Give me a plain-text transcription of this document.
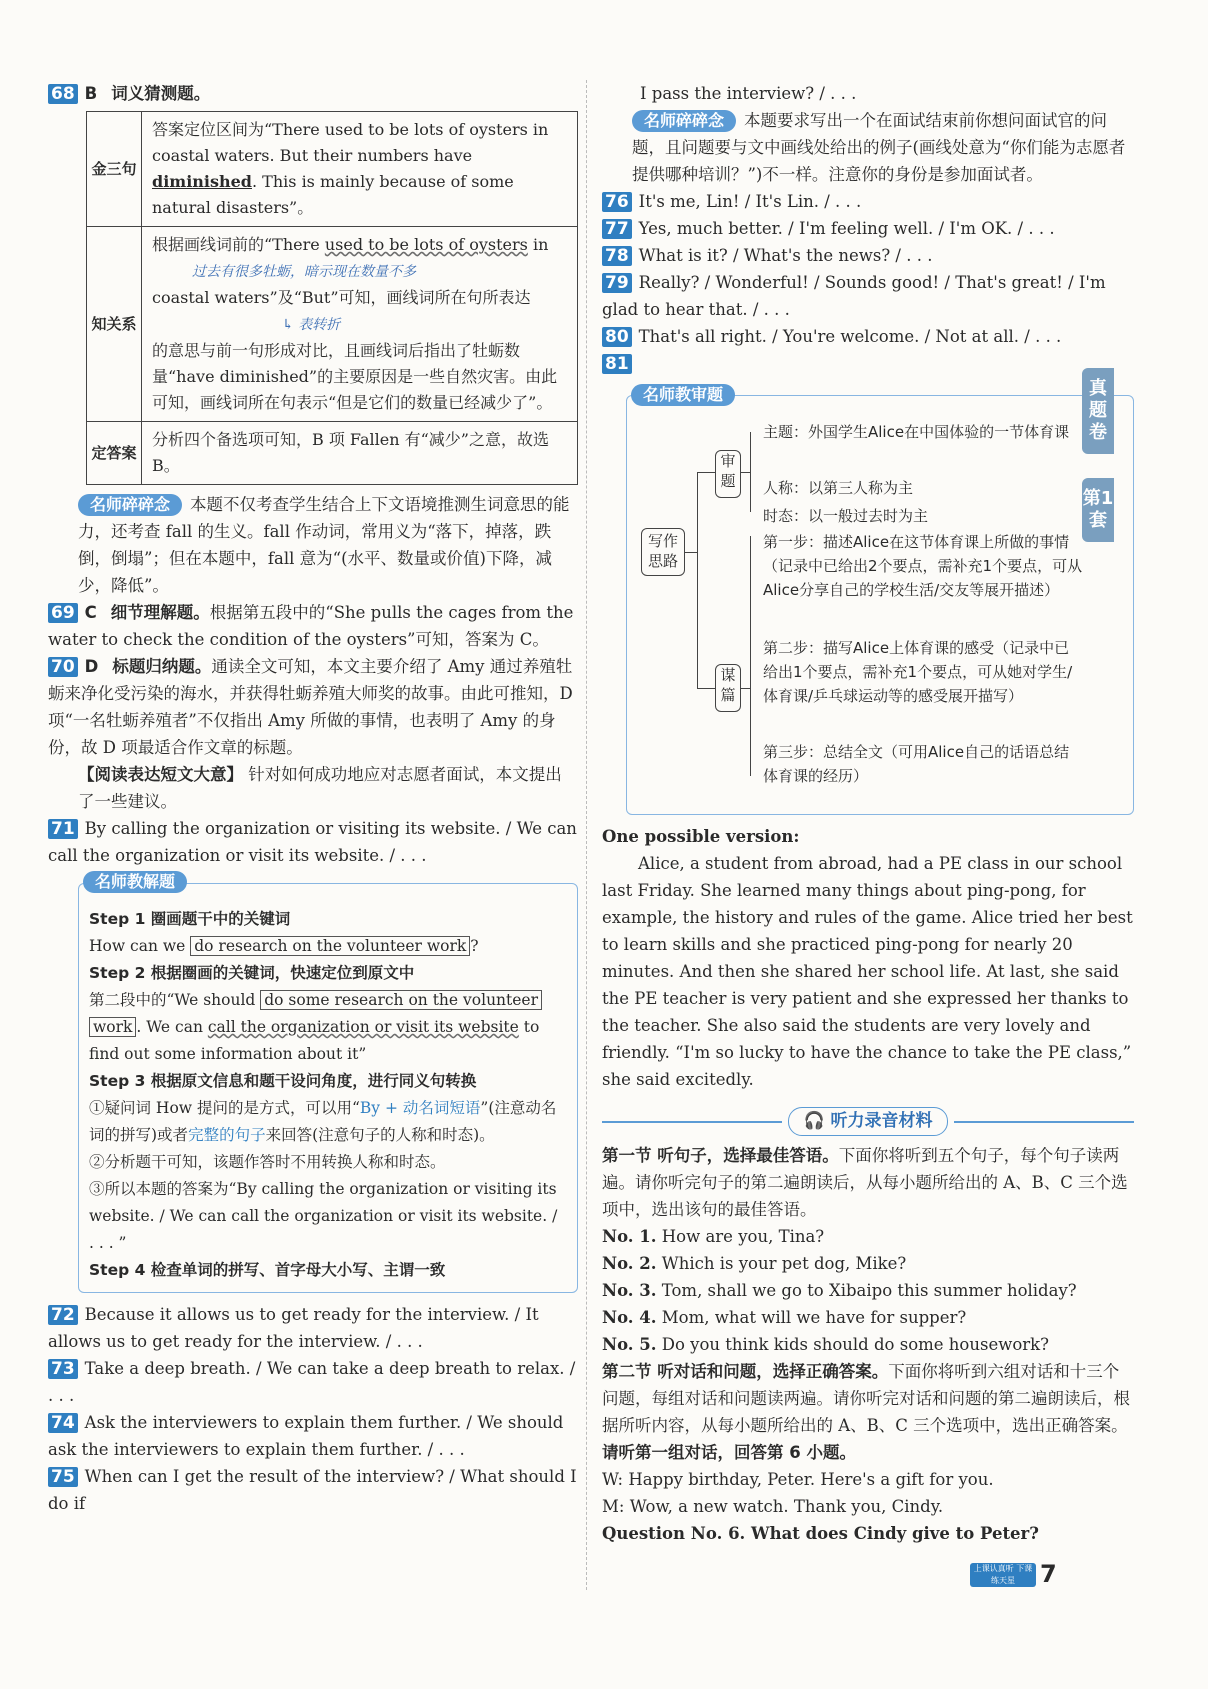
68 B 词义猜测题。

金三句	答案定位区间为“There used to be lots of oysters in coastal waters. But their numbers have diminished. This is mainly because of some natural disasters”。
知关系	根据画线词前的“There used to be lots of oysters in
过去有很多牡蛎，暗示现在数量不多
coastal waters”及“But”可知，画线词所在句所表达
↳ 表转折
的意思与前一句形成对比，且画线词后指出了牡蛎数量“have diminished”的主要原因是一些自然灾害。由此可知，画线词所在句表示“但是它们的数量已经减少了”。
定答案	分析四个备选项可知，B 项 Fallen 有“减少”之意，故选 B。

名师碎碎念 本题不仅考查学生结合上下文语境推测生词意思的能力，还考查 fall 的生义。fall 作动词，常用义为“落下，掉落，跌倒，倒塌”；但在本题中，fall 意为“(水平、数量或价值)下降，减少，降低”。

69 C 细节理解题。根据第五段中的“She pulls the cages from the water to check the condition of the oysters”可知，答案为 C。

70 D 标题归纳题。通读全文可知，本文主要介绍了 Amy 通过养殖牡蛎来净化受污染的海水，并获得牡蛎养殖大师奖的故事。由此可推知，D 项“一名牡蛎养殖者”不仅指出 Amy 所做的事情，也表明了 Amy 的身份，故 D 项最适合作文章的标题。

【阅读表达短文大意】 针对如何成功地应对志愿者面试，本文提出了一些建议。

71 By calling the organization or visiting its website. / We can call the organization or visit its website. / . . .

名师教解题

Step 1 圈画题干中的关键词

How can we do research on the volunteer work ?

Step 2 根据圈画的关键词，快速定位到原文中

第二段中的“We should do some research on the volunteer work . We can call the organization or visit its website to find out some information about it”

Step 3 根据原文信息和题干设问角度，进行同义句转换

①疑问词 How 提问的是方式，可以用“By + 动名词短语”(注意动名词的拼写)或者完整的句子来回答(注意句子的人称和时态)。

②分析题干可知，该题作答时不用转换人称和时态。

③所以本题的答案为“By calling the organization or visiting its website. / We can call the organization or visit its website. / . . . ”

Step 4 检查单词的拼写、首字母大小写、主谓一致

72 Because it allows us to get ready for the interview. / It allows us to get ready for the interview. / . . .

73 Take a deep breath. / We can take a deep breath to relax. / . . .

74 Ask the interviewers to explain them further. / We should ask the interviewers to explain them further. / . . .

75 When can I get the result of the interview? / What should I do if

I pass the interview? / . . .

名师碎碎念 本题要求写出一个在面试结束前你想问面试官的问题，且问题要与文中画线处给出的例子(画线处意为“你们能为志愿者提供哪种培训？”)不一样。注意你的身份是参加面试者。

76 It's me, Lin! / It's Lin. / . . .

77 Yes, much better. / I'm feeling well. / I'm OK. / . . .

78 What is it? / What's the news? / . . .

79 Really? / Wonderful! / Sounds good! / That's great! / I'm glad to hear that. / . . .

80 That's all right. / You're welcome. / Not at all. / . . .

81

名师教审题
写作思路
审题
谋篇
主题：外国学生Alice在中国体验的一节体育课
人称：以第三人称为主
时态：以一般过去时为主
第一步：描述Alice在这节体育课上所做的事情（记录中已给出2个要点，需补充1个要点，可从Alice分享自己的学校生活/交友等展开描述）
第二步：描写Alice上体育课的感受（记录中已给出1个要点，需补充1个要点，可从她对学生/体育课/乒乓球运动等的感受展开描写）
第三步：总结全文（可用Alice自己的话语总结体育课的经历）

One possible version:

Alice, a student from abroad, had a PE class in our school last Friday. She learned many things about ping-pong, for example, the history and rules of the game. Alice tried her best to learn skills and she practiced ping-pong for nearly 20 minutes. And then she shared her school life. At last, she said the PE teacher is very patient and she expressed her thanks to the teacher. She also said the students are very lovely and friendly. “I'm so lucky to have the chance to take the PE class,” she said excitedly.

🎧 听力录音材料

第一节 听句子，选择最佳答语。下面你将听到五个句子，每个句子读两遍。请你听完句子的第二遍朗读后，从每小题所给出的 A、B、C 三个选项中，选出该句的最佳答语。

No. 1. How are you, Tina?

No. 2. Which is your pet dog, Mike?

No. 3. Tom, shall we go to Xibaipo this summer holiday?

No. 4. Mom, what will we have for supper?

No. 5. Do you think kids should do some housework?

第二节 听对话和问题，选择正确答案。下面你将听到六组对话和十三个问题，每组对话和问题读两遍。请你听完对话和问题的第二遍朗读后，根据所听内容，从每小题所给出的 A、B、C 三个选项中，选出正确答案。

请听第一组对话，回答第 6 小题。

W: Happy birthday, Peter. Here's a gift for you.

M: Wow, a new watch. Thank you, Cindy.

Question No. 6. What does Cindy give to Peter?

真题卷
第1套
上课认真听 下课练天星	7
